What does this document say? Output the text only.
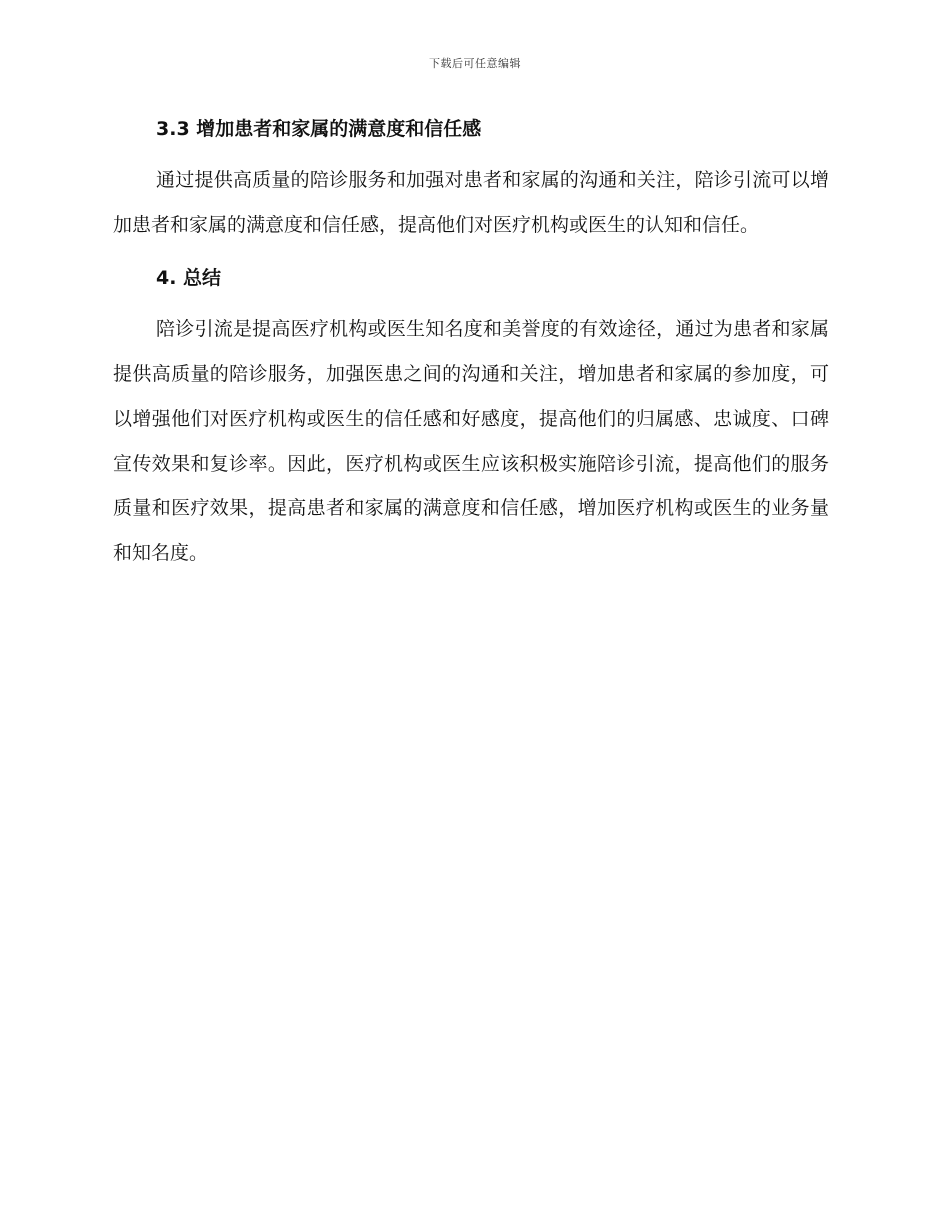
下载后可任意编辑
3.3 增加患者和家属的满意度和信任感

通过提供高质量的陪诊服务和加强对患者和家属的沟通和关注，陪诊引流可以增加患者和家属的满意度和信任感，提高他们对医疗机构或医生的认知和信任。

4. 总结

陪诊引流是提高医疗机构或医生知名度和美誉度的有效途径，通过为患者和家属提供高质量的陪诊服务，加强医患之间的沟通和关注，增加患者和家属的参加度，可以增强他们对医疗机构或医生的信任感和好感度，提高他们的归属感、忠诚度、口碑宣传效果和复诊率。因此，医疗机构或医生应该积极实施陪诊引流，提高他们的服务质量和医疗效果，提高患者和家属的满意度和信任感，增加医疗机构或医生的业务量和知名度。
